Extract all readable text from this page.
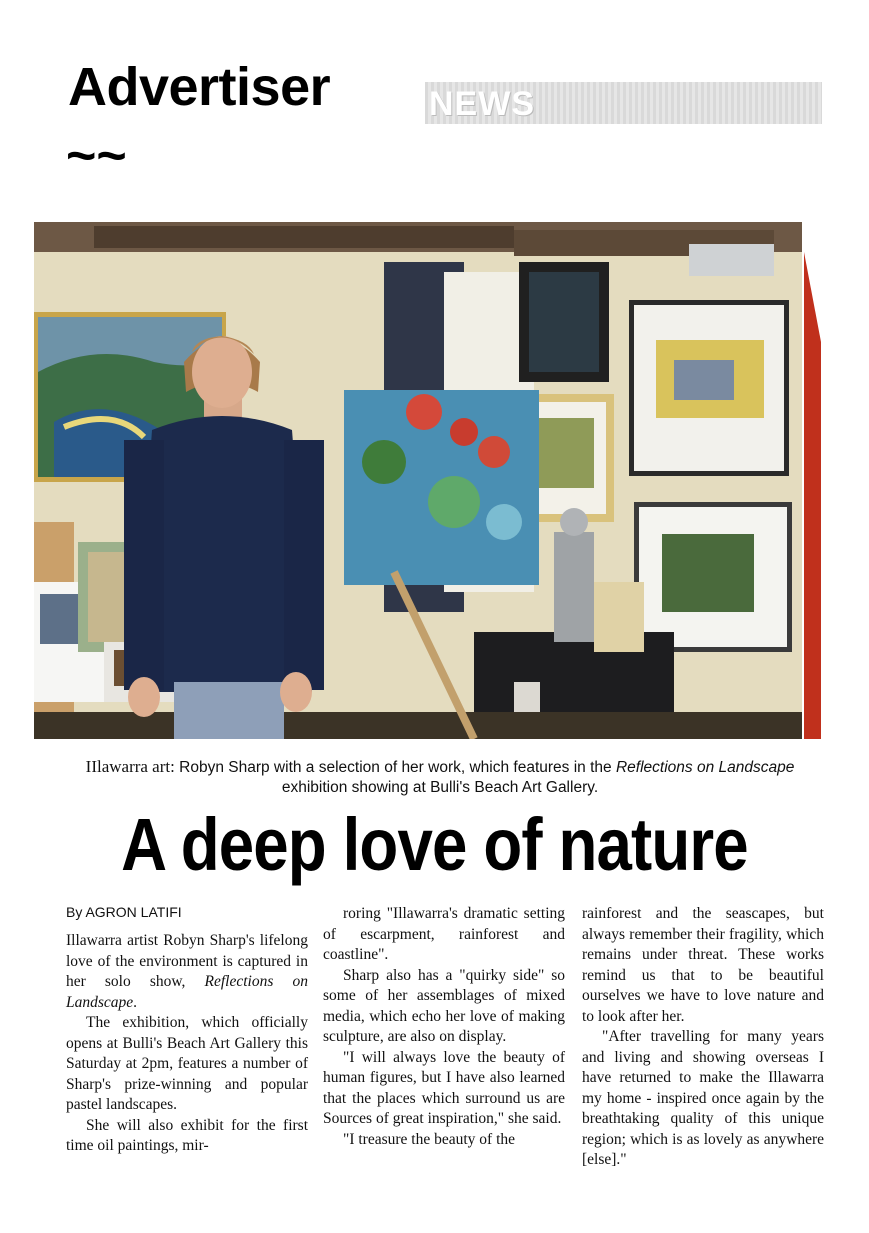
Advertiser
~~
NEWS
IIlawarra art: Robyn Sharp with a selection of her work, which features in the Reflections on Landscape exhibition showing at Bulli's Beach Art Gallery.
A deep love of nature
By AGRON LATIFI

Illawarra artist Robyn Sharp's lifelong love of the environment is captured in her solo show, Reflections on Landscape.

The exhibition, which officially opens at Bulli's Beach Art Gallery this Saturday at 2pm, features a number of Sharp's prize-winning and popular pastel landscapes.

She will also exhibit for the first time oil paintings, mir-

roring "Illawarra's dramatic setting of escarpment, rainforest and coastline".

Sharp also has a "quirky side" so some of her assemblages of mixed media, which echo her love of making sculpture, are also on display.

"I will always love the beauty of human figures, but I have also learned that the places which surround us are Sources of great inspiration," she said.

"I treasure the beauty of the

rainforest and the seascapes, but always remember their fragility, which remains under threat. These works remind us that to be beautiful ourselves we have to love nature and to look after her.

"After travelling for many years and living and showing overseas I have returned to make the Illawarra my home - inspired once again by the breathtaking quality of this unique region; which is as lovely as anywhere [else]."
